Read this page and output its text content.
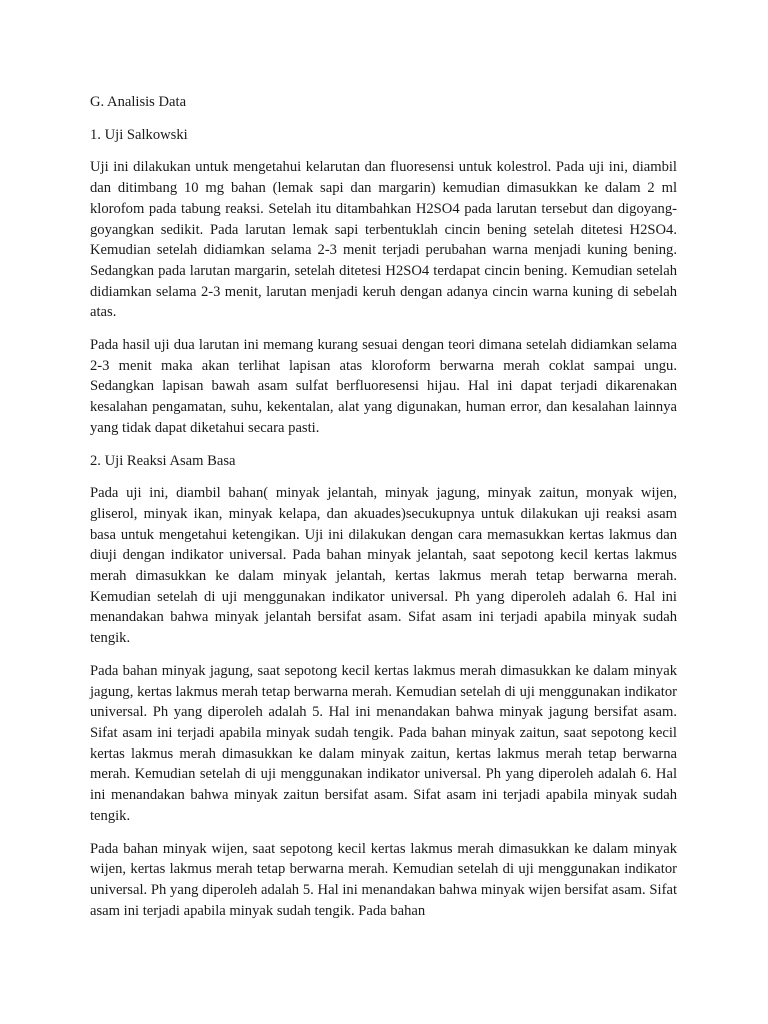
G. Analisis Data

1. Uji Salkowski

Uji ini dilakukan untuk mengetahui kelarutan dan fluoresensi untuk kolestrol. Pada uji ini, diambil dan ditimbang 10 mg bahan (lemak sapi dan margarin) kemudian dimasukkan ke dalam 2 ml klorofom pada tabung reaksi. Setelah itu ditambahkan H2SO4 pada larutan tersebut dan digoyang-goyangkan sedikit. Pada larutan lemak sapi terbentuklah cincin bening setelah ditetesi H2SO4. Kemudian setelah didiamkan selama 2-3 menit terjadi perubahan warna menjadi kuning bening. Sedangkan pada larutan margarin, setelah ditetesi H2SO4 terdapat cincin bening. Kemudian setelah didiamkan selama 2-3 menit, larutan menjadi keruh dengan adanya cincin warna kuning di sebelah atas.

Pada hasil uji dua larutan ini memang kurang sesuai dengan teori dimana setelah didiamkan selama 2-3 menit maka akan terlihat lapisan atas kloroform berwarna merah coklat sampai ungu. Sedangkan lapisan bawah asam sulfat berfluoresensi hijau. Hal ini dapat terjadi dikarenakan kesalahan pengamatan, suhu, kekentalan, alat yang digunakan, human error, dan kesalahan lainnya yang tidak dapat diketahui secara pasti.

2. Uji Reaksi Asam Basa

Pada uji ini, diambil bahan( minyak jelantah, minyak jagung, minyak zaitun, monyak wijen, gliserol, minyak ikan, minyak kelapa, dan akuades)secukupnya untuk dilakukan uji reaksi asam basa untuk mengetahui ketengikan. Uji ini dilakukan dengan cara memasukkan kertas lakmus dan diuji dengan indikator universal. Pada bahan minyak jelantah, saat sepotong kecil kertas lakmus merah dimasukkan ke dalam minyak jelantah, kertas lakmus merah tetap berwarna merah. Kemudian setelah di uji menggunakan indikator universal. Ph yang diperoleh adalah 6. Hal ini menandakan bahwa minyak jelantah bersifat asam. Sifat asam ini terjadi apabila minyak sudah tengik.

Pada bahan minyak jagung, saat sepotong kecil kertas lakmus merah dimasukkan ke dalam minyak jagung, kertas lakmus merah tetap berwarna merah. Kemudian setelah di uji menggunakan indikator universal. Ph yang diperoleh adalah 5. Hal ini menandakan bahwa minyak jagung bersifat asam. Sifat asam ini terjadi apabila minyak sudah tengik. Pada bahan minyak zaitun, saat sepotong kecil kertas lakmus merah dimasukkan ke dalam minyak zaitun, kertas lakmus merah tetap berwarna merah. Kemudian setelah di uji menggunakan indikator universal. Ph yang diperoleh adalah 6. Hal ini menandakan bahwa minyak zaitun bersifat asam. Sifat asam ini terjadi apabila minyak sudah tengik.

Pada bahan minyak wijen, saat sepotong kecil kertas lakmus merah dimasukkan ke dalam minyak wijen, kertas lakmus merah tetap berwarna merah. Kemudian setelah di uji menggunakan indikator universal. Ph yang diperoleh adalah 5. Hal ini menandakan bahwa minyak wijen bersifat asam. Sifat asam ini terjadi apabila minyak sudah tengik. Pada bahan
